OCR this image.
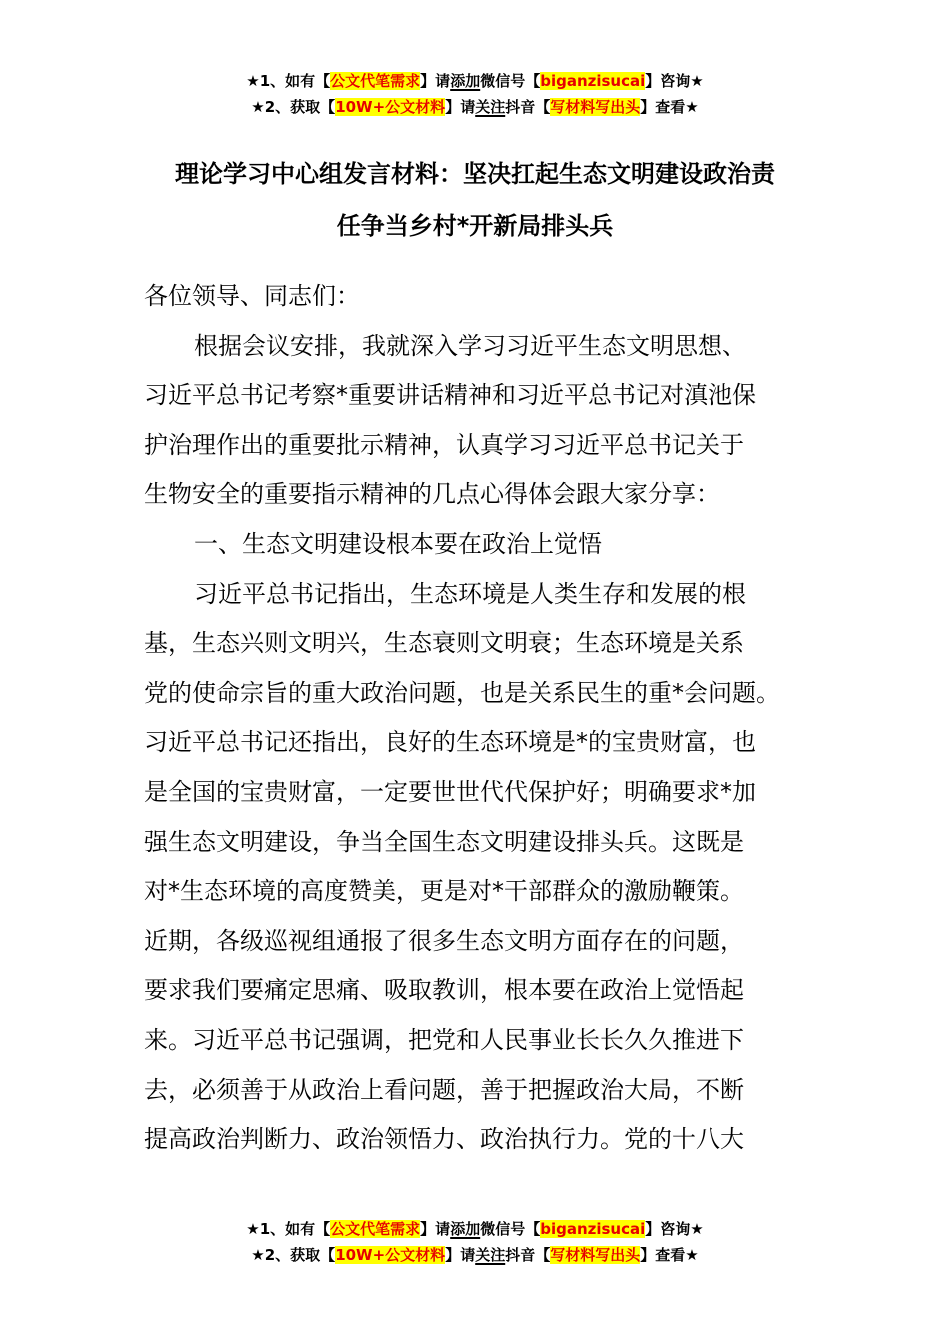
★1、如有【公文代笔需求】请添加微信号【biganzisucai】咨询★
★2、获取【10W+公文材料】请关注抖音【写材料写出头】查看★
理论学习中心组发言材料：坚决扛起生态文明建设政治责
任争当乡村*开新局排头兵
各位领导、同志们：
根据会议安排，我就深入学习习近平生态文明思想、
习近平总书记考察*重要讲话精神和习近平总书记对滇池保
护治理作出的重要批示精神，认真学习习近平总书记关于
生物安全的重要指示精神的几点心得体会跟大家分享：
一、生态文明建设根本要在政治上觉悟
习近平总书记指出，生态环境是人类生存和发展的根
基，生态兴则文明兴，生态衰则文明衰；生态环境是关系
党的使命宗旨的重大政治问题，也是关系民生的重*会问题。
习近平总书记还指出，良好的生态环境是*的宝贵财富，也
是全国的宝贵财富，一定要世世代代保护好；明确要求*加
强生态文明建设，争当全国生态文明建设排头兵。这既是
对*生态环境的高度赞美，更是对*干部群众的激励鞭策。
近期，各级巡视组通报了很多生态文明方面存在的问题，
要求我们要痛定思痛、吸取教训，根本要在政治上觉悟起
来。习近平总书记强调，把党和人民事业长长久久推进下
去，必须善于从政治上看问题，善于把握政治大局，不断
提高政治判断力、政治领悟力、政治执行力。党的十八大
★1、如有【公文代笔需求】请添加微信号【biganzisucai】咨询★
★2、获取【10W+公文材料】请关注抖音【写材料写出头】查看★
